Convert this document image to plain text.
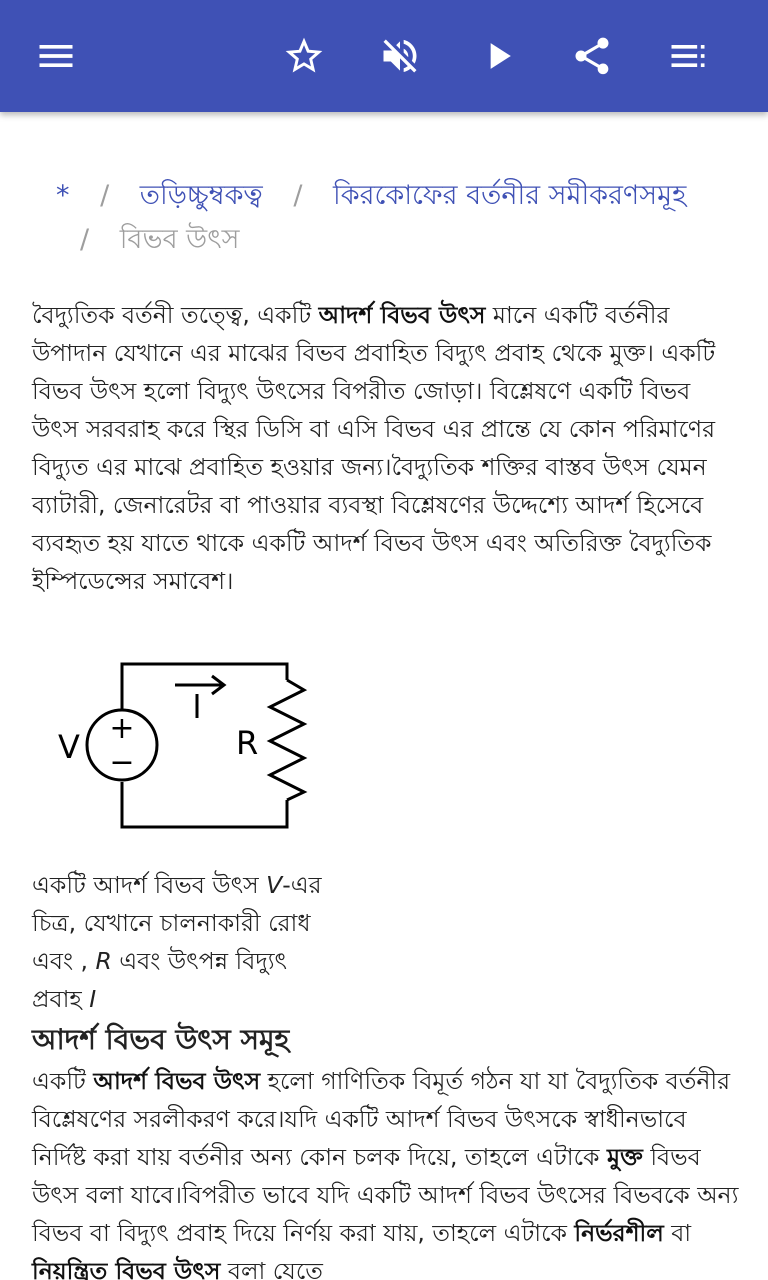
* / তড়িচ্চুম্বকত্ব / কিরকোফের বর্তনীর সমীকরণসমূহ
/ বিভব উৎস

বৈদ্যুতিক বর্তনী তত্ত্বে, একটি আদর্শ বিভব উৎস মানে একটি বর্তনীর উপাদান যেখানে এর মাঝের বিভব প্রবাহিত বিদ্যুৎ প্রবাহ থেকে মুক্ত। একটি বিভব উৎস হলো বিদ্যুৎ উৎসের বিপরীত জোড়া। বিশ্লেষণে একটি বিভব উৎস সরবরাহ করে স্থির ডিসি বা এসি বিভব এর প্রান্তে যে কোন পরিমাণের বিদ্যুত এর মাঝে প্রবাহিত হওয়ার জন্য।বৈদ্যুতিক শক্তির বাস্তব উৎস যেমন ব্যাটারী, জেনারেটর বা পাওয়ার ব্যবস্থা বিশ্লেষণের উদ্দেশ্যে আদর্শ হিসেবে ব্যবহৃত হয় যাতে থাকে একটি আদর্শ বিভব উৎস এবং অতিরিক্ত বৈদ্যুতিক ইম্পিডেন্সের সমাবেশ।

+
−
V	R

একটি আদর্শ বিভব উৎস V-এর চিত্র, যেখানে চালনাকারী রোধ এবং , R এবং উৎপন্ন বিদ্যুৎ প্রবাহ I

আদর্শ বিভব উৎস সমূহ

একটি আদর্শ বিভব উৎস হলো গাণিতিক বিমূর্ত গঠন যা যা বৈদ্যুতিক বর্তনীর বিশ্লেষণের সরলীকরণ করে।যদি একটি আদর্শ বিভব উৎসকে স্বাধীনভাবে নির্দিষ্ট করা যায় বর্তনীর অন্য কোন চলক দিয়ে, তাহলে এটাকে মুক্ত বিভব উৎস বলা যাবে।বিপরীত ভাবে যদি একটি আদর্শ বিভব উৎসের বিভবকে অন্য বিভব বা বিদ্যুৎ প্রবাহ দিয়ে নির্ণয় করা যায়, তাহলে এটাকে নির্ভরশীল বা নিয়ন্ত্রিত বিভব উৎস বলা যেতে
